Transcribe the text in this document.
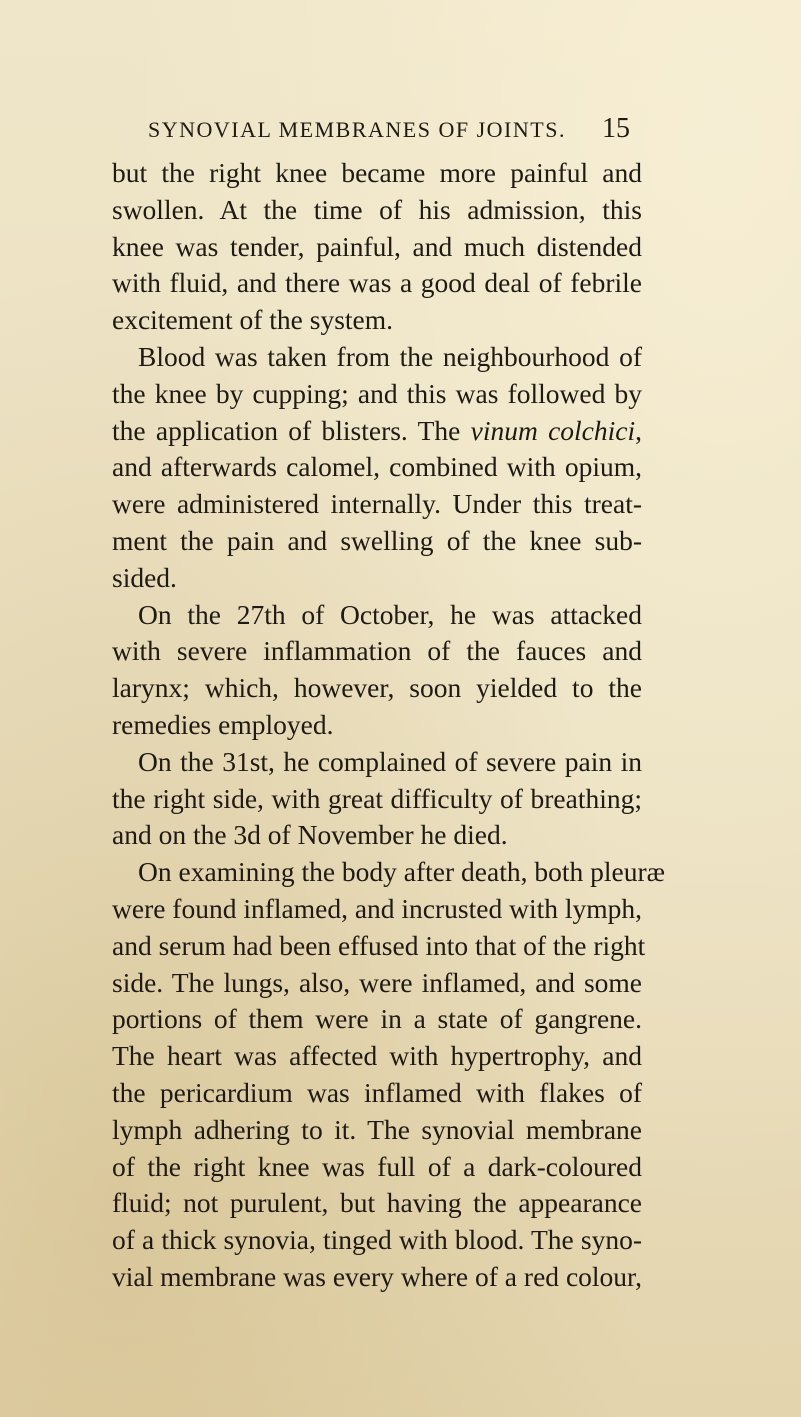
SYNOVIAL MEMBRANES OF JOINTS. 15
but the right knee became more painful and
swollen. At the time of his admission, this
knee was tender, painful, and much distended
with fluid, and there was a good deal of febrile
excitement of the system.
Blood was taken from the neighbourhood of
the knee by cupping; and this was followed by
the application of blisters. The vinum colchici,
and afterwards calomel, combined with opium,
were administered internally. Under this treat-
ment the pain and swelling of the knee sub-
sided.
On the 27th of October, he was attacked
with severe inflammation of the fauces and
larynx; which, however, soon yielded to the
remedies employed.
On the 31st, he complained of severe pain in
the right side, with great difficulty of breathing;
and on the 3d of November he died.
On examining the body after death, both pleuræ
were found inflamed, and incrusted with lymph,
and serum had been effused into that of the right
side. The lungs, also, were inflamed, and some
portions of them were in a state of gangrene.
The heart was affected with hypertrophy, and
the pericardium was inflamed with flakes of
lymph adhering to it. The synovial membrane
of the right knee was full of a dark-coloured
fluid; not purulent, but having the appearance
of a thick synovia, tinged with blood. The syno-
vial membrane was every where of a red colour,
